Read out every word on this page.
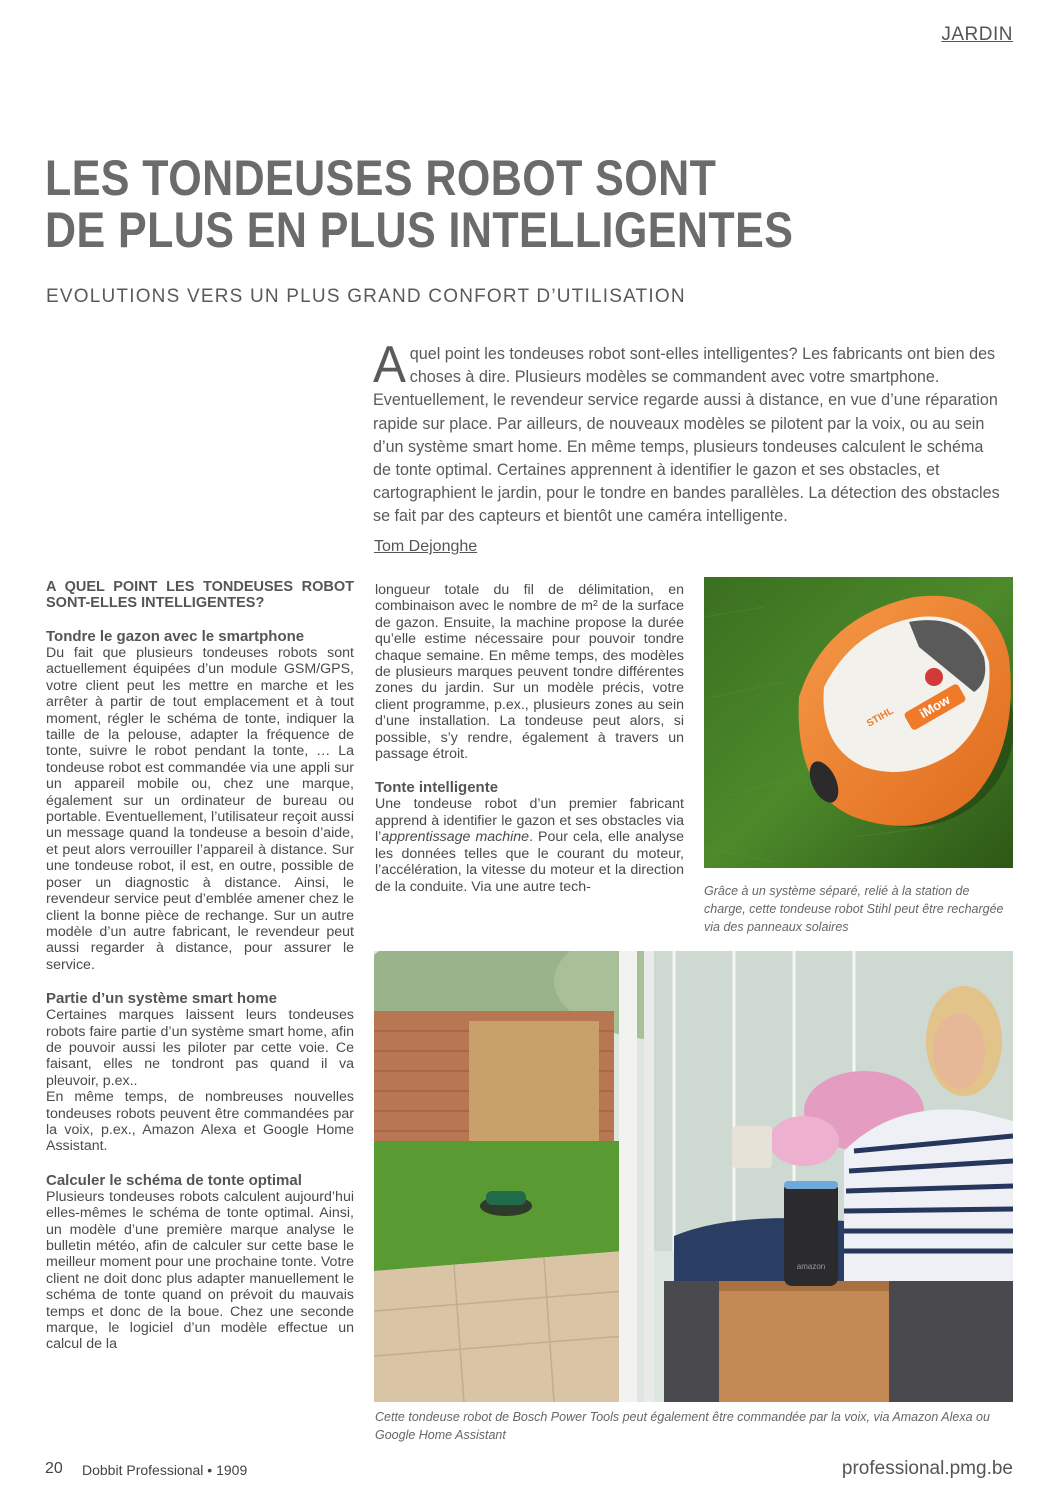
JARDIN
LES TONDEUSES ROBOT SONT
DE PLUS EN PLUS INTELLIGENTES
EVOLUTIONS VERS UN PLUS GRAND CONFORT D’UTILISATION
Aquel point les tondeuses robot sont-elles intelligentes? Les fabricants ont bien des choses à dire. Plusieurs modèles se commandent avec votre smartphone. Eventuellement, le revendeur service regarde aussi à distance, en vue d’une réparation rapide sur place. Par ailleurs, de nouveaux modèles se pilotent par la voix, ou au sein d’un système smart home. En même temps, plusieurs tondeuses calculent le schéma de tonte optimal. Certaines apprennent à identifier le gazon et ses obstacles, et cartographient le jardin, pour le tondre en bandes parallèles. La détection des obstacles se fait par des capteurs et bientôt une caméra intelligente.
Tom Dejonghe
A QUEL POINT LES TONDEUSES ROBOT SONT-ELLES INTELLIGENTES?
Tondre le gazon avec le smartphone

Du fait que plusieurs tondeuses robots sont actuellement équipées d’un module GSM/GPS, votre client peut les mettre en marche et les arrêter à partir de tout emplacement et à tout moment, régler le schéma de tonte, indiquer la taille de la pelouse, adapter la fréquence de tonte, suivre le robot pendant la tonte, … La tondeuse robot est commandée via une appli sur un appareil mobile ou, chez une marque, également sur un ordinateur de bureau ou portable. Eventuellement, l’utilisateur reçoit aussi un message quand la tondeuse a besoin d’aide, et peut alors verrouiller l’appareil à distance. Sur une tondeuse robot, il est, en outre, possible de poser un diagnostic à distance. Ainsi, le revendeur service peut d’emblée amener chez le client la bonne pièce de rechange. Sur un autre modèle d’un autre fabricant, le revendeur peut aussi regarder à distance, pour assurer le service.

Partie d’un système smart home

Certaines marques laissent leurs tondeuses robots faire partie d’un système smart home, afin de pouvoir aussi les piloter par cette voie. Ce faisant, elles ne tondront pas quand il va pleuvoir, p.ex..

En même temps, de nombreuses nouvelles tondeuses robots peuvent être commandées par la voix, p.ex., Amazon Alexa et Google Home Assistant.

Calculer le schéma de tonte optimal

Plusieurs tondeuses robots calculent aujourd’hui elles-mêmes le schéma de tonte optimal. Ainsi, un modèle d’une première marque analyse le bulletin météo, afin de calculer sur cette base le meilleur moment pour une prochaine tonte. Votre client ne doit donc plus adapter manuellement le schéma de tonte quand on prévoit du mauvais temps et donc de la boue. Chez une seconde marque, le logiciel d’un modèle effectue un calcul de la

longueur totale du fil de délimitation, en combinaison avec le nombre de m² de la surface de gazon. Ensuite, la machine propose la durée qu’elle estime nécessaire pour pouvoir tondre chaque semaine. En même temps, des modèles de plusieurs marques peuvent tondre différentes zones du jardin. Sur un modèle précis, votre client programme, p.ex., plusieurs zones au sein d’une installation. La tondeuse peut alors, si possible, s’y rendre, également à travers un passage étroit.

Tonte intelligente

Une tondeuse robot d’un premier fabricant apprend à identifier le gazon et ses obstacles via l’apprentissage machine. Pour cela, elle analyse les données telles que le courant du moteur, l’accélération, la vitesse du moteur et la direction de la conduite. Via une autre tech-

iMow
STIHL
Grâce à un système séparé, relié à la station de charge, cette tondeuse robot Stihl peut être rechargée via des panneaux solaires
amazon
Cette tondeuse robot de Bosch Power Tools peut également être commandée par la voix, via Amazon Alexa ou Google Home Assistant
20 Dobbit Professional • 1909	professional.pmg.be
